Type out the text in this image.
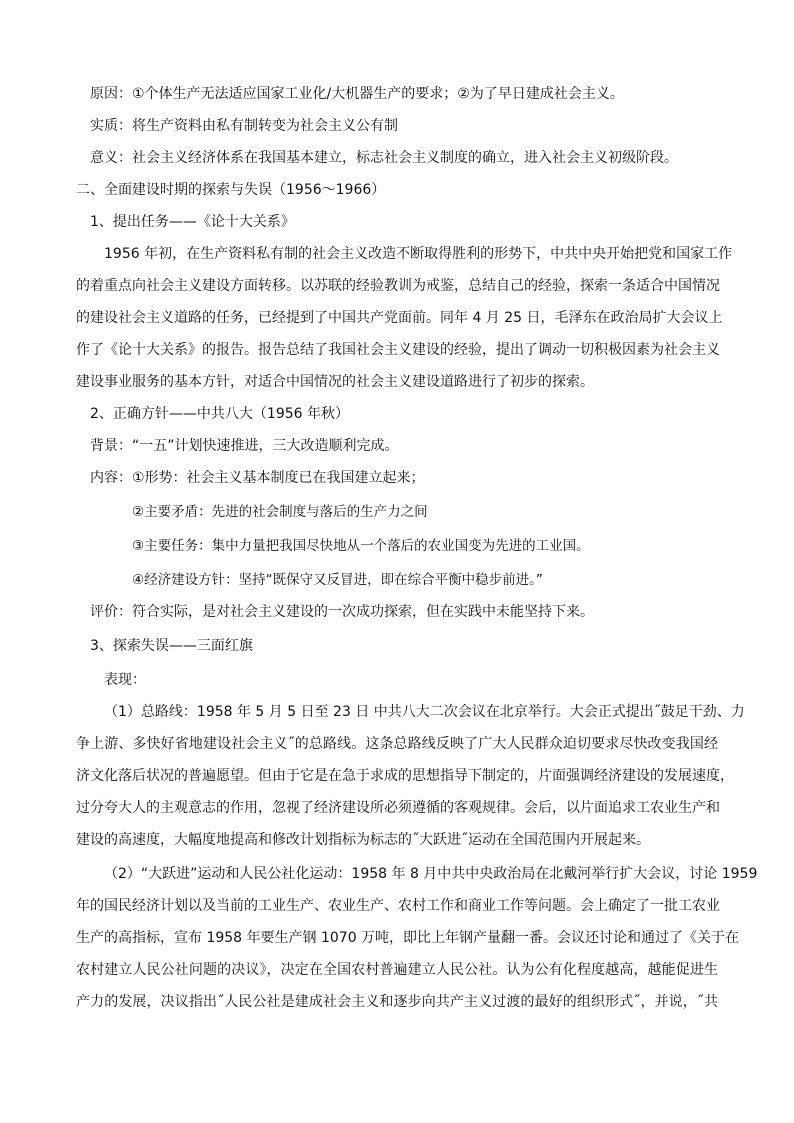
原因：①个体生产无法适应国家工业化/大机器生产的要求；②为了早日建成社会主义。
实质：将生产资料由私有制转变为社会主义公有制
意义：社会主义经济体系在我国基本建立，标志社会主义制度的确立，进入社会主义初级阶段。
二、全面建设时期的探索与失误（1956～1966）
1、提出任务——《论十大关系》
1956 年初，在生产资料私有制的社会主义改造不断取得胜利的形势下，中共中央开始把党和国家工作
的着重点向社会主义建设方面转移。以苏联的经验教训为戒鉴，总结自己的经验，探索一条适合中国情况
的建设社会主义道路的任务，已经提到了中国共产党面前。同年 4 月 25 日，毛泽东在政治局扩大会议上
作了《论十大关系》的报告。报告总结了我国社会主义建设的经验，提出了调动一切积极因素为社会主义
建设事业服务的基本方针，对适合中国情况的社会主义建设道路进行了初步的探索。
2、正确方针——中共八大（1956 年秋）
背景：“一五”计划快速推进，三大改造顺利完成。
内容：①形势：社会主义基本制度已在我国建立起来；
②主要矛盾：先进的社会制度与落后的生产力之间
③主要任务：集中力量把我国尽快地从一个落后的农业国变为先进的工业国。
④经济建设方针：坚持“既保守又反冒进，即在综合平衡中稳步前进。”
评价：符合实际，是对社会主义建设的一次成功探索，但在实践中未能坚持下来。
3、探索失误——三面红旗
表现：
（1）总路线：1958 年 5 月 5 日至 23 日 中共八大二次会议在北京举行。大会正式提出˝鼓足干劲、力
争上游、多快好省地建设社会主义˝的总路线。这条总路线反映了广大人民群众迫切要求尽快改变我国经
济文化落后状况的普遍愿望。但由于它是在急于求成的思想指导下制定的，片面强调经济建设的发展速度，
过分夸大人的主观意志的作用，忽视了经济建设所必须遵循的客观规律。会后，以片面追求工农业生产和
建设的高速度，大幅度地提高和修改计划指标为标志的˝大跃进˝运动在全国范围内开展起来。
（2）“大跃进”运动和人民公社化运动：1958 年 8 月中共中央政治局在北戴河举行扩大会议，讨论 1959
年的国民经济计划以及当前的工业生产、农业生产、农村工作和商业工作等问题。会上确定了一批工农业
生产的高指标，宣布 1958 年要生产钢 1070 万吨，即比上年钢产量翻一番。会议还讨论和通过了《关于在
农村建立人民公社问题的决议》，决定在全国农村普遍建立人民公社。认为公有化程度越高，越能促进生
产力的发展，决议指出˝人民公社是建成社会主义和逐步向共产主义过渡的最好的组织形式˝，并说，˝共
